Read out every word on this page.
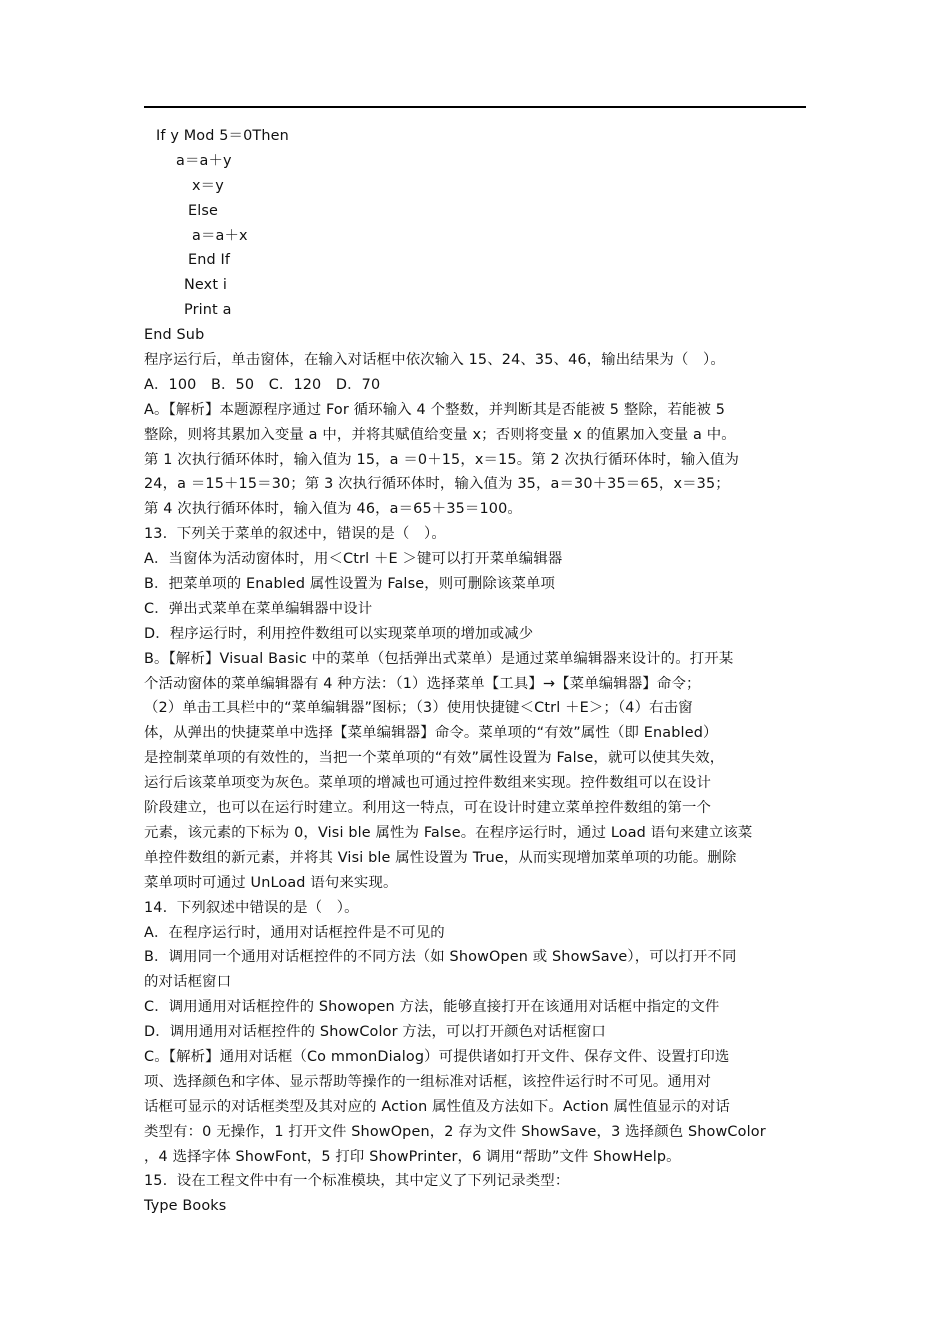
If y Mod 5＝0Then
a＝a＋y
x＝y
Else
a＝a＋x
End If
Next i
Print a
End Sub
程序运行后，单击窗体，在输入对话框中依次输入 15、24、35、46，输出结果为（　）。
A．100　B．50　C．120　D．70
A。【解析】本题源程序通过 For 循环输入 4 个整数，并判断其是否能被 5 整除，若能被 5
整除，则将其累加入变量 a 中，并将其赋值给变量 x；否则将变量 x 的值累加入变量 a 中。
第 1 次执行循环体时，输入值为 15，a ＝0＋15，x＝15。第 2 次执行循环体时，输入值为
24，a ＝15＋15＝30；第 3 次执行循环体时，输入值为 35，a＝30＋35＝65，x＝35；
第 4 次执行循环体时，输入值为 46，a＝65＋35＝100。
13.  下列关于菜单的叙述中，错误的是（　）。
A．当窗体为活动窗体时，用＜Ctrl ＋E ＞键可以打开菜单编辑器
B．把菜单项的 Enabled 属性设置为 False，则可删除该菜单项
C．弹出式菜单在菜单编辑器中设计
D．程序运行时，利用控件数组可以实现菜单项的增加或减少
B。【解析】Visual Basic 中的菜单（包括弹出式菜单）是通过菜单编辑器来设计的。打开某
个活动窗体的菜单编辑器有 4 种方法：（1）选择菜单【工具】→【菜单编辑器】命令；
（2）单击工具栏中的“菜单编辑器”图标；（3）使用快捷键＜Ctrl ＋E＞；（4）右击窗
体，从弹出的快捷菜单中选择【菜单编辑器】命令。菜单项的“有效”属性（即 Enabled）
是控制菜单项的有效性的，当把一个菜单项的“有效”属性设置为 False，就可以使其失效，
运行后该菜单项变为灰色。菜单项的增减也可通过控件数组来实现。控件数组可以在设计
阶段建立，也可以在运行时建立。利用这一特点，可在设计时建立菜单控件数组的第一个
元素，该元素的下标为 0，Visi ble 属性为 False。在程序运行时，通过 Load 语句来建立该菜
单控件数组的新元素，并将其 Visi ble 属性设置为 True，从而实现增加菜单项的功能。删除
菜单项时可通过 UnLoad 语句来实现。
14.  下列叙述中错误的是（　）。
A．在程序运行时，通用对话框控件是不可见的
B．调用同一个通用对话框控件的不同方法（如 ShowOpen 或 ShowSave），可以打开不同
的对话框窗口
C．调用通用对话框控件的 Showopen 方法，能够直接打开在该通用对话框中指定的文件
D．调用通用对话框控件的 ShowColor 方法，可以打开颜色对话框窗口
C。【解析】通用对话框（Co mmonDialog）可提供诸如打开文件、保存文件、设置打印选
项、选择颜色和字体、显示帮助等操作的一组标准对话框，该控件运行时不可见。通用对
话框可显示的对话框类型及其对应的 Action 属性值及方法如下。Action 属性值显示的对话
类型有：0 无操作，1 打开文件 ShowOpen，2 存为文件 ShowSave，3 选择颜色 ShowColor
，4 选择字体 ShowFont，5 打印 ShowPrinter，6 调用“帮助”文件 ShowHelp。
15.  设在工程文件中有一个标准模块，其中定义了下列记录类型：
Type Books
